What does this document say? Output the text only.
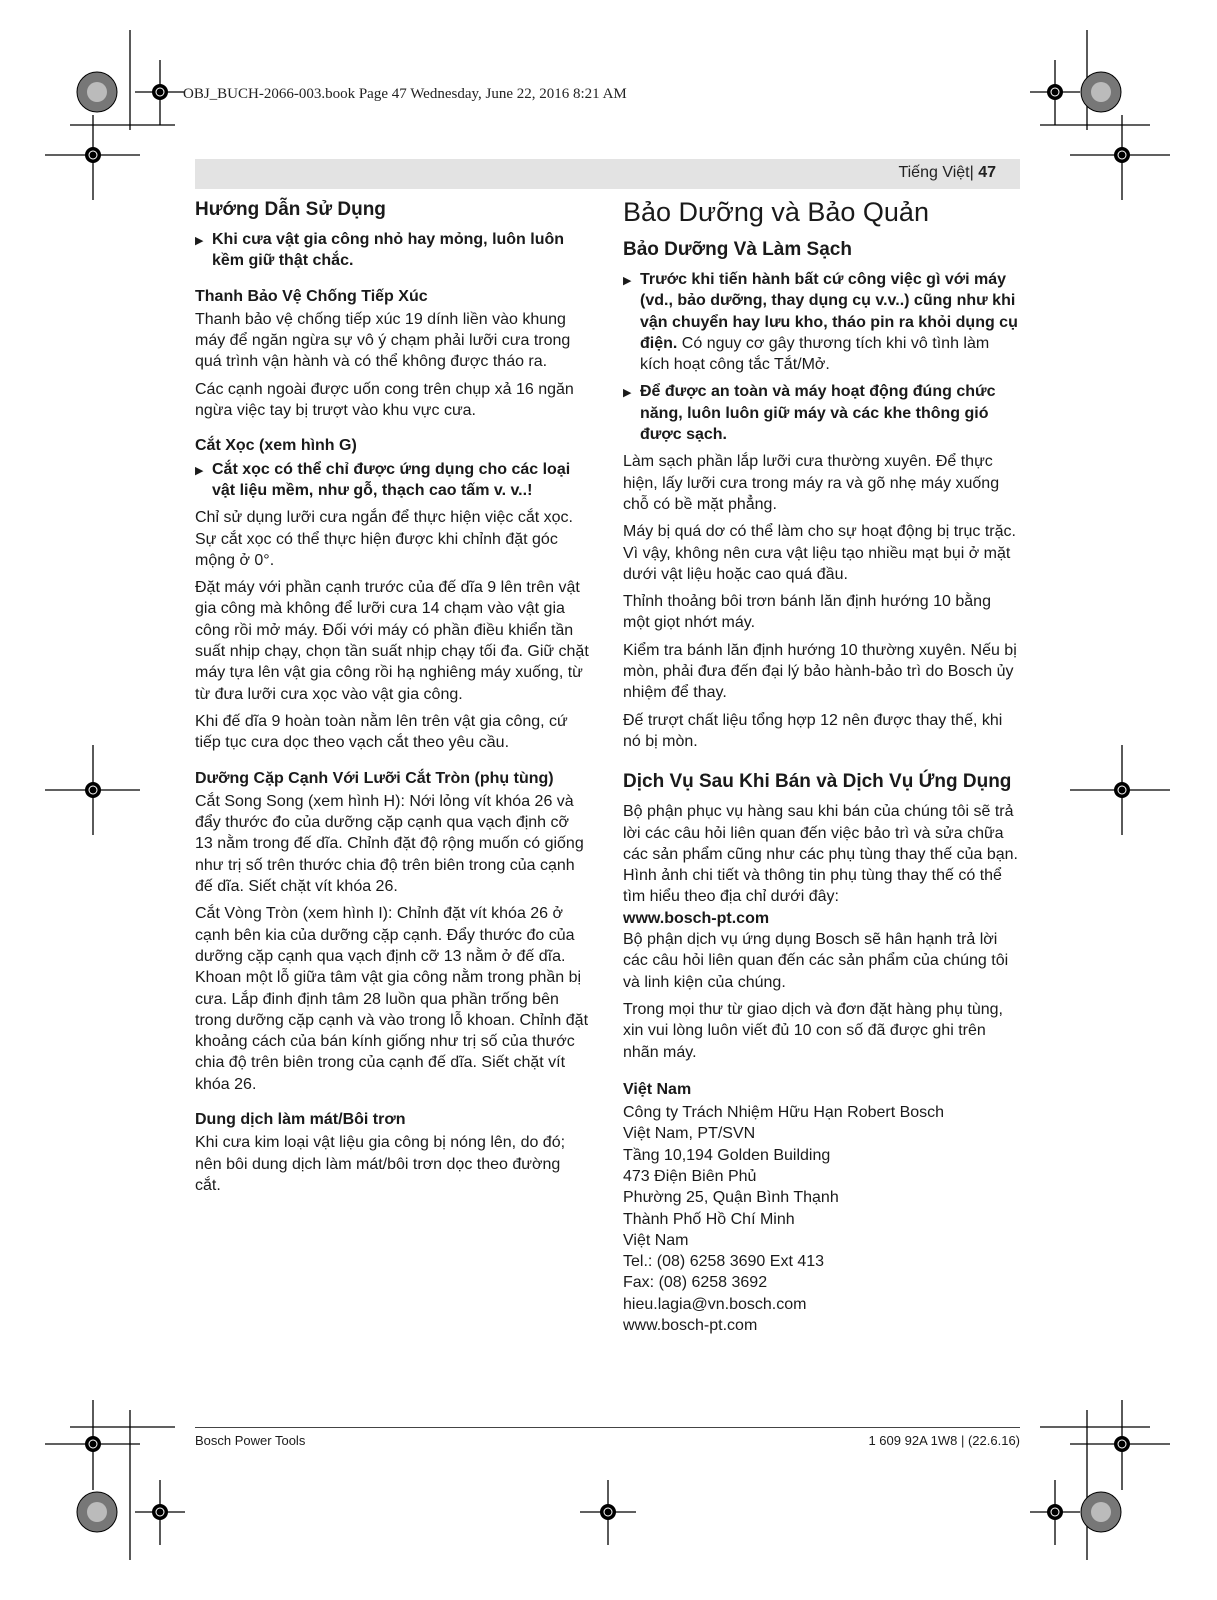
OBJ_BUCH-2066-003.book Page 47 Wednesday, June 22, 2016 8:21 AM
Tiếng Việt| 47
Hướng Dẫn Sử Dụng
▶ Khi cưa vật gia công nhỏ hay mỏng, luôn luôn kềm giữ thật chắc.
Thanh Bảo Vệ Chống Tiếp Xúc

Thanh bảo vệ chống tiếp xúc 19 dính liền vào khung máy để ngăn ngừa sự vô ý chạm phải lưỡi cưa trong quá trình vận hành và có thể không được tháo ra.

Các cạnh ngoài được uốn cong trên chụp xả 16 ngăn ngừa việc tay bị trượt vào khu vực cưa.

Cắt Xọc (xem hình G)
▶ Cắt xọc có thể chỉ được ứng dụng cho các loại vật liệu mềm, như gỗ, thạch cao tấm v. v..!

Chỉ sử dụng lưỡi cưa ngắn để thực hiện việc cắt xọc. Sự cắt xọc có thể thực hiện được khi chỉnh đặt góc mộng ở 0°.

Đặt máy với phần cạnh trước của đế dĩa 9 lên trên vật gia công mà không để lưỡi cưa 14 chạm vào vật gia công rồi mở máy. Đối với máy có phần điều khiển tần suất nhịp chạy, chọn tần suất nhịp chạy tối đa. Giữ chặt máy tựa lên vật gia công rồi hạ nghiêng máy xuống, từ từ đưa lưỡi cưa xọc vào vật gia công.

Khi đế dĩa 9 hoàn toàn nằm lên trên vật gia công, cứ tiếp tục cưa dọc theo vạch cắt theo yêu cầu.

Dưỡng Cặp Cạnh Với Lưỡi Cắt Tròn (phụ tùng)

Cắt Song Song (xem hình H): Nới lỏng vít khóa 26 và đẩy thước đo của dưỡng cặp cạnh qua vạch định cỡ 13 nằm trong đế dĩa. Chỉnh đặt độ rộng muốn có giống như trị số trên thước chia độ trên biên trong của cạnh đế dĩa. Siết chặt vít khóa 26.

Cắt Vòng Tròn (xem hình I): Chỉnh đặt vít khóa 26 ở cạnh bên kia của dưỡng cặp cạnh. Đẩy thước đo của dưỡng cặp cạnh qua vạch định cỡ 13 nằm ở đế dĩa. Khoan một lỗ giữa tâm vật gia công nằm trong phần bị cưa. Lắp đinh định tâm 28 luồn qua phần trống bên trong dưỡng cặp cạnh và vào trong lỗ khoan. Chỉnh đặt khoảng cách của bán kính giống như trị số của thước chia độ trên biên trong của cạnh đế dĩa. Siết chặt vít khóa 26.

Dung dịch làm mát/Bôi trơn

Khi cưa kim loại vật liệu gia công bị nóng lên, do đó; nên bôi dung dịch làm mát/bôi trơn dọc theo đường cắt.

Bảo Dưỡng và Bảo Quản
Bảo Dưỡng Và Làm Sạch
▶ Trước khi tiến hành bất cứ công việc gì với máy (vd., bảo dưỡng, thay dụng cụ v.v..) cũng như khi vận chuyển hay lưu kho, tháo pin ra khỏi dụng cụ điện. Có nguy cơ gây thương tích khi vô tình làm kích hoạt công tắc Tắt/Mở.
▶ Để được an toàn và máy hoạt động đúng chức năng, luôn luôn giữ máy và các khe thông gió được sạch.

Làm sạch phần lắp lưỡi cưa thường xuyên. Để thực hiện, lấy lưỡi cưa trong máy ra và gõ nhẹ máy xuống chỗ có bề mặt phẳng.

Máy bị quá dơ có thể làm cho sự hoạt động bị trục trặc. Vì vậy, không nên cưa vật liệu tạo nhiều mạt bụi ở mặt dưới vật liệu hoặc cao quá đầu.

Thỉnh thoảng bôi trơn bánh lăn định hướng 10 bằng một giọt nhớt máy.

Kiểm tra bánh lăn định hướng 10 thường xuyên. Nếu bị mòn, phải đưa đến đại lý bảo hành-bảo trì do Bosch ủy nhiệm để thay.

Đế trượt chất liệu tổng hợp 12 nên được thay thế, khi nó bị mòn.

Dịch Vụ Sau Khi Bán và Dịch Vụ Ứng Dụng

Bộ phận phục vụ hàng sau khi bán của chúng tôi sẽ trả lời các câu hỏi liên quan đến việc bảo trì và sửa chữa các sản phẩm cũng như các phụ tùng thay thế của bạn. Hình ảnh chi tiết và thông tin phụ tùng thay thế có thể tìm hiểu theo địa chỉ dưới đây:

www.bosch-pt.com

Bộ phận dịch vụ ứng dụng Bosch sẽ hân hạnh trả lời các câu hỏi liên quan đến các sản phẩm của chúng tôi và linh kiện của chúng.

Trong mọi thư từ giao dịch và đơn đặt hàng phụ tùng, xin vui lòng luôn viết đủ 10 con số đã được ghi trên nhãn máy.

Việt Nam
Công ty Trách Nhiệm Hữu Hạn Robert Bosch
Việt Nam, PT/SVN
Tầng 10,194 Golden Building
473 Điện Biên Phủ
Phường 25, Quận Bình Thạnh
Thành Phố Hồ Chí Minh
Việt Nam
Tel.: (08) 6258 3690 Ext 413
Fax: (08) 6258 3692
hieu.lagia@vn.bosch.com
www.bosch-pt.com
Bosch Power Tools	1 609 92A 1W8 | (22.6.16)
